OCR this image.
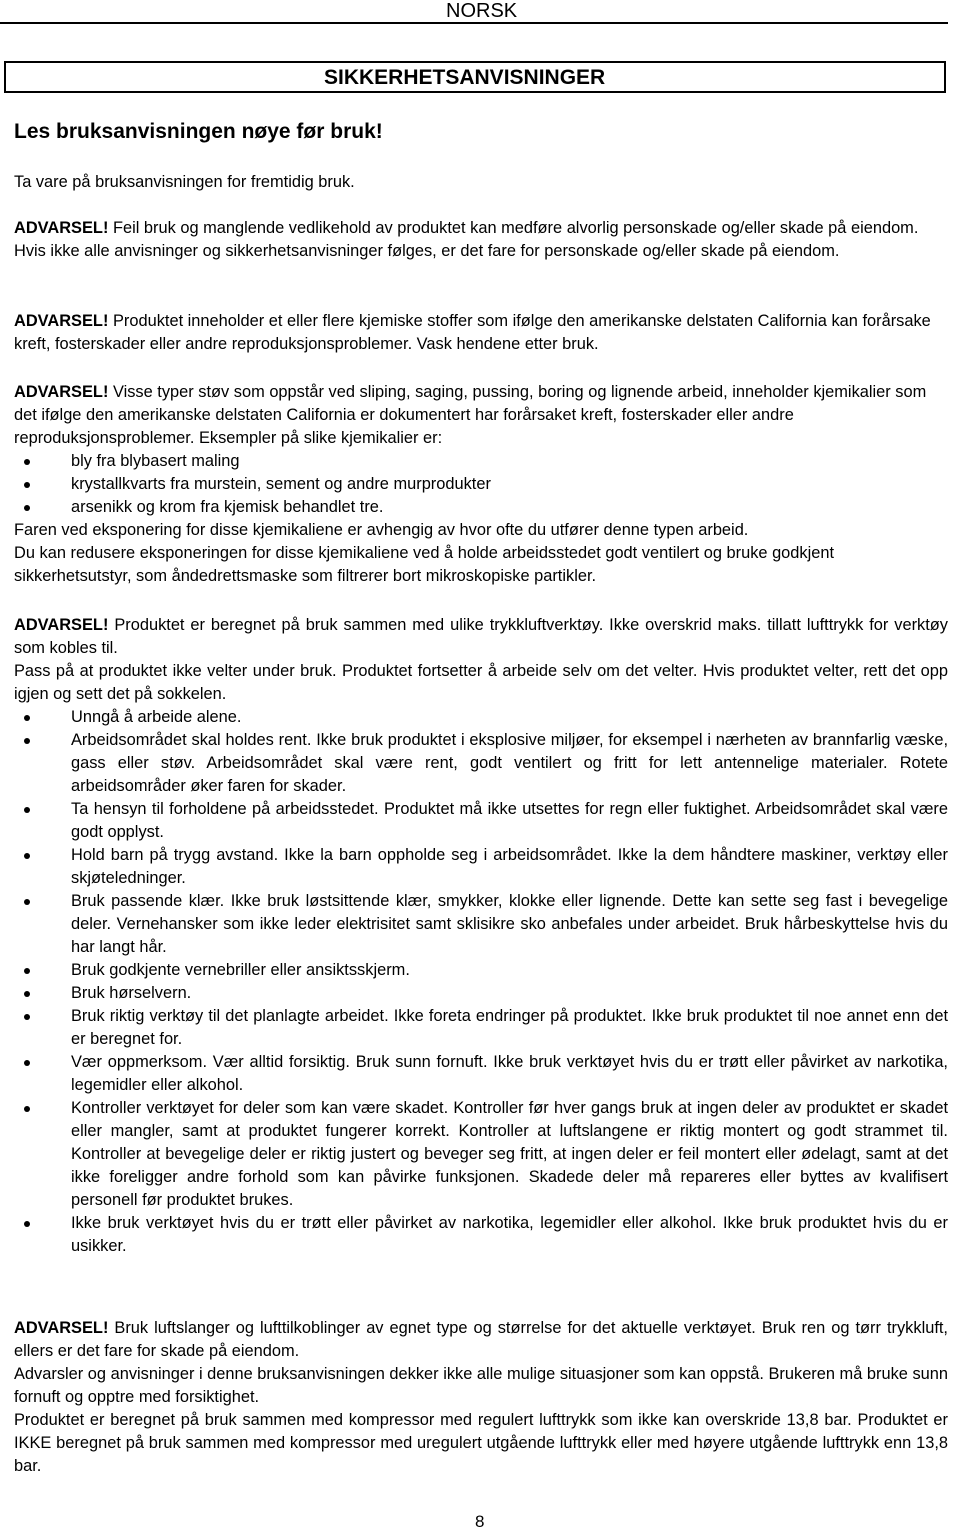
NORSK
SIKKERHETSANVISNINGER
Les bruksanvisningen nøye før bruk!
Ta vare på bruksanvisningen for fremtidig bruk.

ADVARSEL! Feil bruk og manglende vedlikehold av produktet kan medføre alvorlig personskade og/eller skade på eiendom. Hvis ikke alle anvisninger og sikkerhetsanvisninger følges, er det fare for personskade og/eller skade på eiendom.

ADVARSEL! Produktet inneholder et eller flere kjemiske stoffer som ifølge den amerikanske delstaten California kan forårsake kreft, fosterskader eller andre reproduksjonsproblemer. Vask hendene etter bruk.

ADVARSEL! Visse typer støv som oppstår ved sliping, saging, pussing, boring og lignende arbeid, inneholder kjemikalier som det ifølge den amerikanske delstaten California er dokumentert har forårsaket kreft, fosterskader eller andre reproduksjonsproblemer. Eksempler på slike kjemikalier er:

bly fra blybasert maling
krystallkvarts fra murstein, sement og andre murprodukter
arsenikk og krom fra kjemisk behandlet tre.

Faren ved eksponering for disse kjemikaliene er avhengig av hvor ofte du utfører denne typen arbeid.

Du kan redusere eksponeringen for disse kjemikaliene ved å holde arbeidsstedet godt ventilert og bruke godkjent sikkerhetsutstyr, som åndedrettsmaske som filtrerer bort mikroskopiske partikler.

ADVARSEL! Produktet er beregnet på bruk sammen med ulike trykkluftverktøy. Ikke overskrid maks. tillatt lufttrykk for verktøy som kobles til.

Pass på at produktet ikke velter under bruk. Produktet fortsetter å arbeide selv om det velter. Hvis produktet velter, rett det opp igjen og sett det på sokkelen.

Unngå å arbeide alene.
Arbeidsområdet skal holdes rent. Ikke bruk produktet i eksplosive miljøer, for eksempel i nærheten av brannfarlig væske, gass eller støv. Arbeidsområdet skal være rent, godt ventilert og fritt for lett antennelige materialer. Rotete arbeidsområder øker faren for skader.
Ta hensyn til forholdene på arbeidsstedet. Produktet må ikke utsettes for regn eller fuktighet. Arbeidsområdet skal være godt opplyst.
Hold barn på trygg avstand. Ikke la barn oppholde seg i arbeidsområdet. Ikke la dem håndtere maskiner, verktøy eller skjøteledninger.
Bruk passende klær. Ikke bruk løstsittende klær, smykker, klokke eller lignende. Dette kan sette seg fast i bevegelige deler. Vernehansker som ikke leder elektrisitet samt sklisikre sko anbefales under arbeidet. Bruk hårbeskyttelse hvis du har langt hår.
Bruk godkjente vernebriller eller ansiktsskjerm.
Bruk hørselvern.
Bruk riktig verktøy til det planlagte arbeidet. Ikke foreta endringer på produktet. Ikke bruk produktet til noe annet enn det er beregnet for.
Vær oppmerksom. Vær alltid forsiktig. Bruk sunn fornuft. Ikke bruk verktøyet hvis du er trøtt eller påvirket av narkotika, legemidler eller alkohol.
Kontroller verktøyet for deler som kan være skadet. Kontroller før hver gangs bruk at ingen deler av produktet er skadet eller mangler, samt at produktet fungerer korrekt. Kontroller at luftslangene er riktig montert og godt strammet til. Kontroller at bevegelige deler er riktig justert og beveger seg fritt, at ingen deler er feil montert eller ødelagt, samt at det ikke foreligger andre forhold som kan påvirke funksjonen. Skadede deler må repareres eller byttes av kvalifisert personell før produktet brukes.
Ikke bruk verktøyet hvis du er trøtt eller påvirket av narkotika, legemidler eller alkohol. Ikke bruk produktet hvis du er usikker.

ADVARSEL! Bruk luftslanger og lufttilkoblinger av egnet type og størrelse for det aktuelle verktøyet. Bruk ren og tørr trykkluft, ellers er det fare for skade på eiendom.

Advarsler og anvisninger i denne bruksanvisningen dekker ikke alle mulige situasjoner som kan oppstå. Brukeren må bruke sunn fornuft og opptre med forsiktighet.

Produktet er beregnet på bruk sammen med kompressor med regulert lufttrykk som ikke kan overskride 13,8 bar. Produktet er IKKE beregnet på bruk sammen med kompressor med uregulert utgående lufttrykk eller med høyere utgående lufttrykk enn 13,8 bar.

8
